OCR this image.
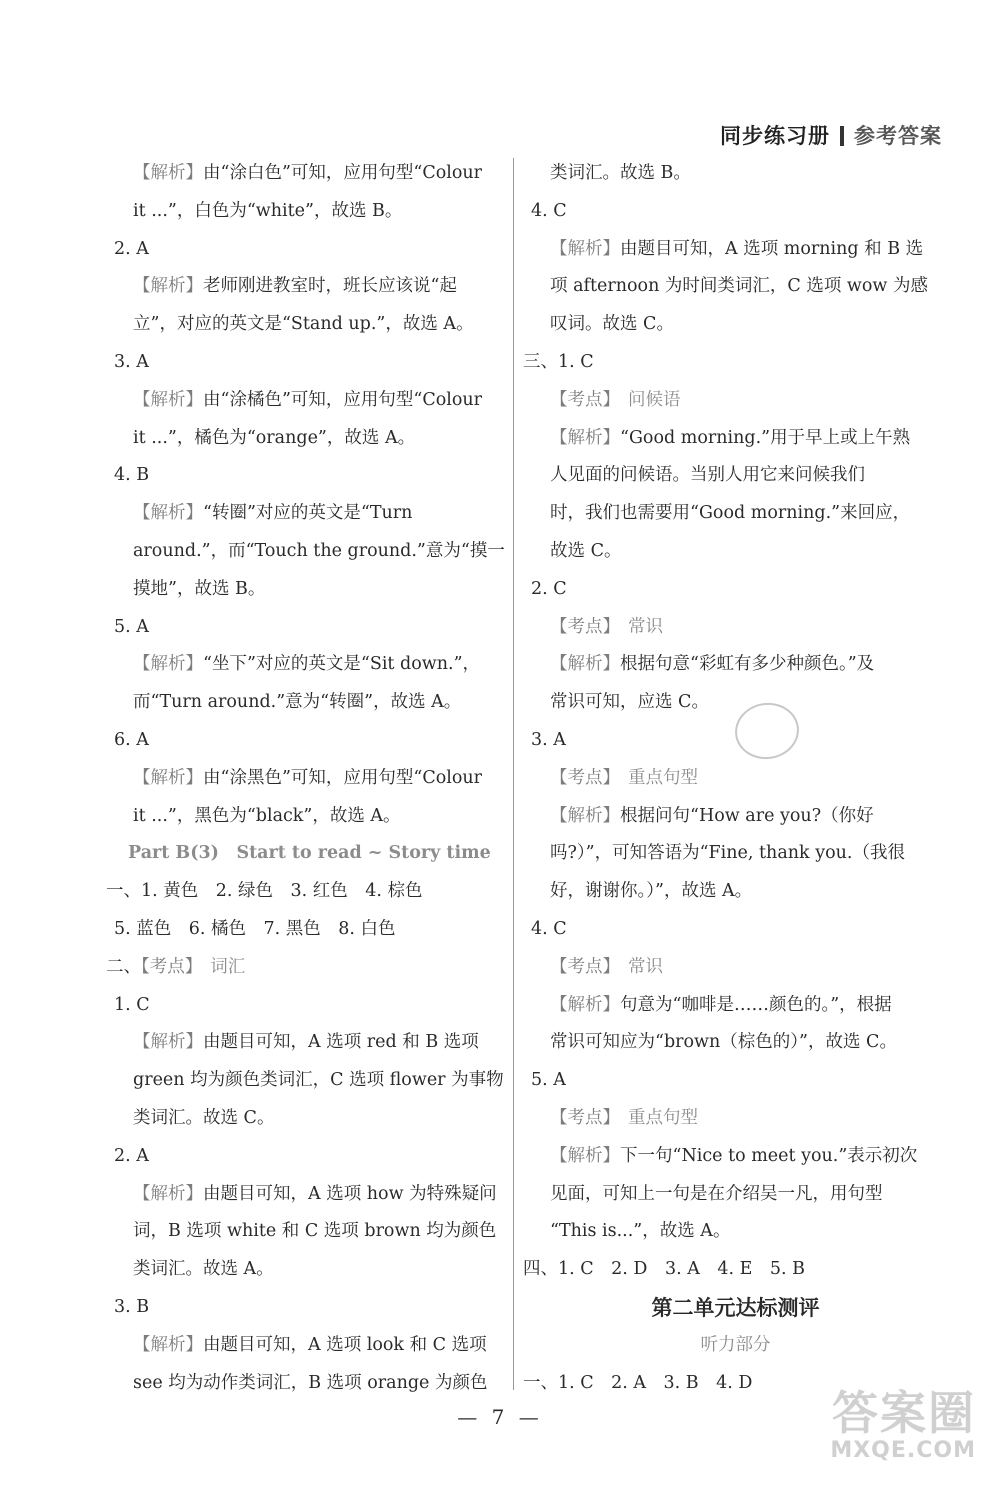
同步练习册 参考答案
【解析】由“涂白色”可知，应用句型“Colour
it ...”，白色为“white”，故选 B。
2. A
【解析】老师刚进教室时，班长应该说“起
立”，对应的英文是“Stand up.”，故选 A。
3. A
【解析】由“涂橘色”可知，应用句型“Colour
it ...”，橘色为“orange”，故选 A。
4. B
【解析】“转圈”对应的英文是“Turn
around.”，而“Touch the ground.”意为“摸一
摸地”，故选 B。
5. A
【解析】“坐下”对应的英文是“Sit down.”，
而“Turn around.”意为“转圈”，故选 A。
6. A
【解析】由“涂黑色”可知，应用句型“Colour
it ...”，黑色为“black”，故选 A。
Part B(3)　Start to read ~ Story time
一、1. 黄色　2. 绿色　3. 红色　4. 棕色
5. 蓝色　6. 橘色　7. 黑色　8. 白色
二、【考点】 词汇
1. C
【解析】由题目可知，A 选项 red 和 B 选项
green 均为颜色类词汇，C 选项 flower 为事物
类词汇。故选 C。
2. A
【解析】由题目可知，A 选项 how 为特殊疑问
词，B 选项 white 和 C 选项 brown 均为颜色
类词汇。故选 A。
3. B
【解析】由题目可知，A 选项 look 和 C 选项
see 均为动作类词汇，B 选项 orange 为颜色
类词汇。故选 B。
4. C
【解析】由题目可知，A 选项 morning 和 B 选
项 afternoon 为时间类词汇，C 选项 wow 为感
叹词。故选 C。
三、1. C
【考点】 问候语
【解析】“Good morning.”用于早上或上午熟
人见面的问候语。当别人用它来问候我们
时，我们也需要用“Good morning.”来回应，
故选 C。
2. C
【考点】 常识
【解析】根据句意“彩虹有多少种颜色。”及
常识可知，应选 C。
3. A
【考点】 重点句型
【解析】根据问句“How are you?（你好
吗?）”，可知答语为“Fine, thank you.（我很
好，谢谢你。）”，故选 A。
4. C
【考点】 常识
【解析】句意为“咖啡是……颜色的。”，根据
常识可知应为“brown（棕色的）”，故选 C。
5. A
【考点】 重点句型
【解析】下一句“Nice to meet you.”表示初次
见面，可知上一句是在介绍吴一凡，用句型
“This is...”，故选 A。
四、1. C　2. D　3. A　4. E　5. B
第二单元达标测评
听力部分
一、1. C　2. A　3. B　4. D
— 7 —	答案圈
MXQE.COM
